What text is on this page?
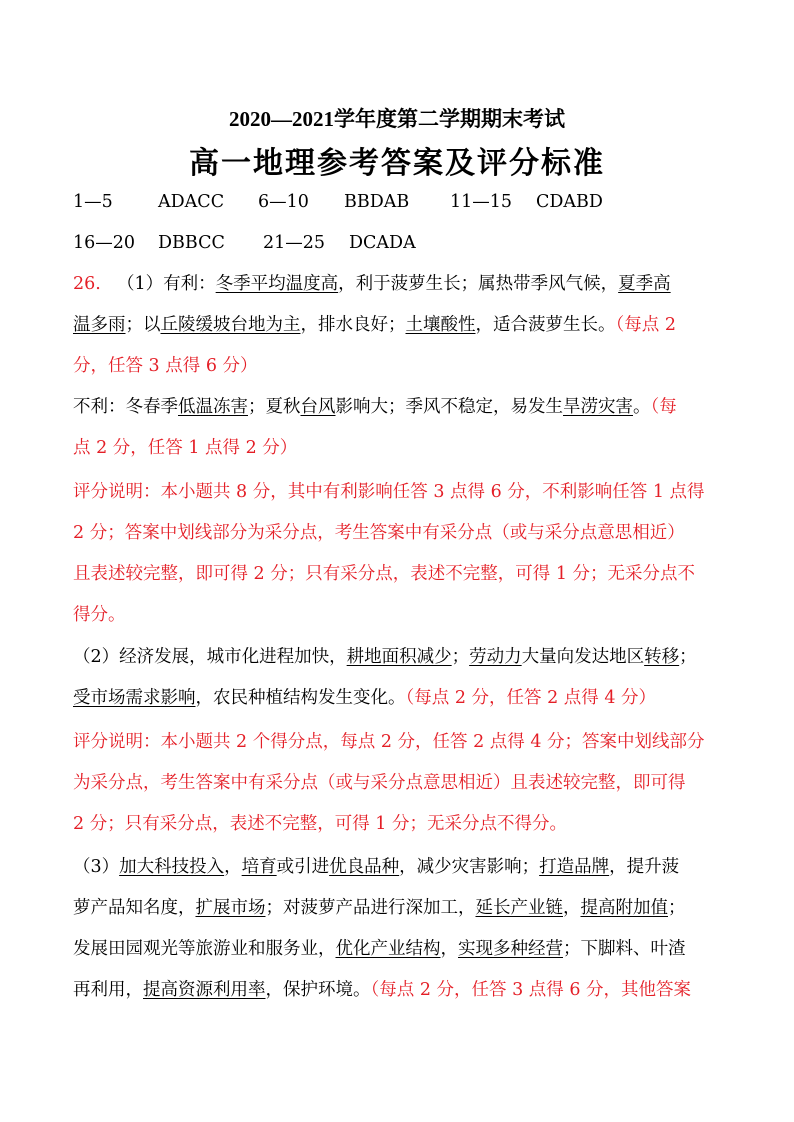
2020—2021学年度第二学期期末考试
高一地理参考答案及评分标准
1—5	ADACC 6—10 BBDAB 11—15 CDABD
16—20 DBBCC 21—25 DCADA
26. （1）有利：冬季平均温度高，利于菠萝生长；属热带季风气候，夏季高
温多雨；以丘陵缓坡台地为主，排水良好；土壤酸性，适合菠萝生长。（每点 2
分，任答 3 点得 6 分）
不利：冬春季低温冻害；夏秋台风影响大；季风不稳定，易发生旱涝灾害。（每
点 2 分，任答 1 点得 2 分）
评分说明：本小题共 8 分，其中有利影响任答 3 点得 6 分，不利影响任答 1 点得
2 分；答案中划线部分为采分点，考生答案中有采分点（或与采分点意思相近）
且表述较完整，即可得 2 分；只有采分点，表述不完整，可得 1 分；无采分点不
得分。
（2）经济发展，城市化进程加快，耕地面积减少；劳动力大量向发达地区转移；
受市场需求影响，农民种植结构发生变化。（每点 2 分，任答 2 点得 4 分）
评分说明：本小题共 2 个得分点，每点 2 分，任答 2 点得 4 分；答案中划线部分
为采分点，考生答案中有采分点（或与采分点意思相近）且表述较完整，即可得
2 分；只有采分点，表述不完整，可得 1 分；无采分点不得分。
（3）加大科技投入，培育或引进优良品种，减少灾害影响；打造品牌，提升菠
萝产品知名度，扩展市场；对菠萝产品进行深加工，延长产业链，提高附加值；
发展田园观光等旅游业和服务业，优化产业结构，实现多种经营；下脚料、叶渣
再利用，提高资源利用率，保护环境。（每点 2 分，任答 3 点得 6 分，其他答案
